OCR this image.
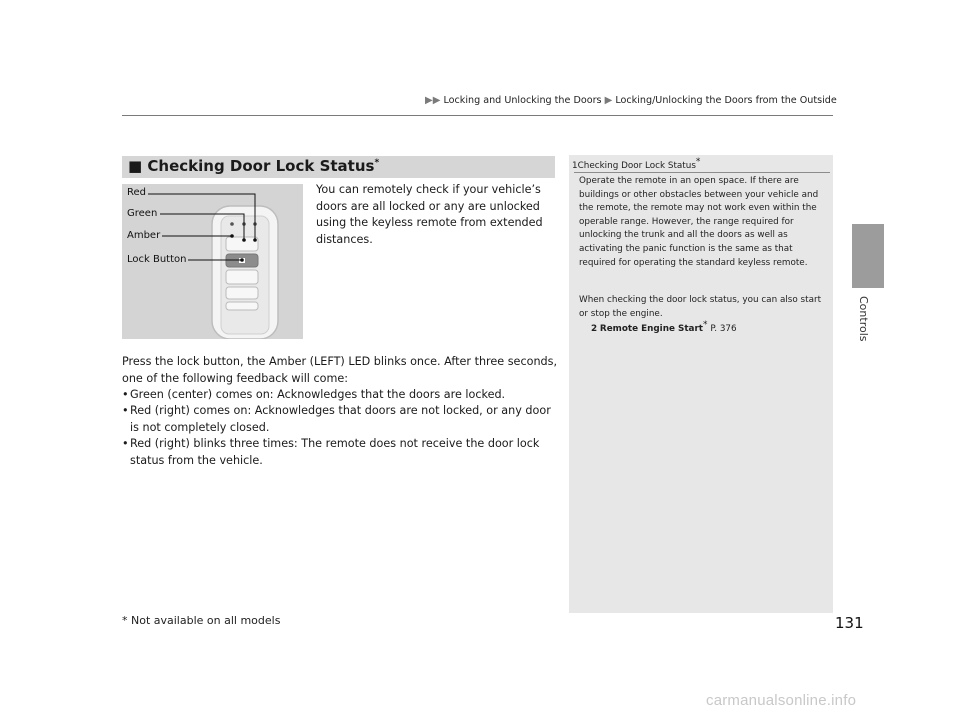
▶▶ Locking and Unlocking the Doors ▶ Locking/Unlocking the Doors from the Outside
Controls
■ Checking Door Lock Status*
Red
Green
Amber
Lock Button
You can remotely check if your vehicle’s doors are all locked or any are unlocked using the keyless remote from extended distances.
Press the lock button, the Amber (LEFT) LED blinks once. After three seconds, one of the following feedback will come:
• Green (center) comes on: Acknowledges that the doors are locked.
• Red (right) comes on: Acknowledges that doors are not locked, or any door is not completely closed.
• Red (right) blinks three times: The remote does not receive the door lock status from the vehicle.
1Checking Door Lock Status*
Operate the remote in an open space. If there are buildings or other obstacles between your vehicle and the remote, the remote may not work even within the operable range. However, the range required for unlocking the trunk and all the doors as well as activating the panic function is the same as that required for operating the standard keyless remote.
When checking the door lock status, you can also start or stop the engine.
2 Remote Engine Start* P. 376
* Not available on all models	131
carmanualsonline.info
